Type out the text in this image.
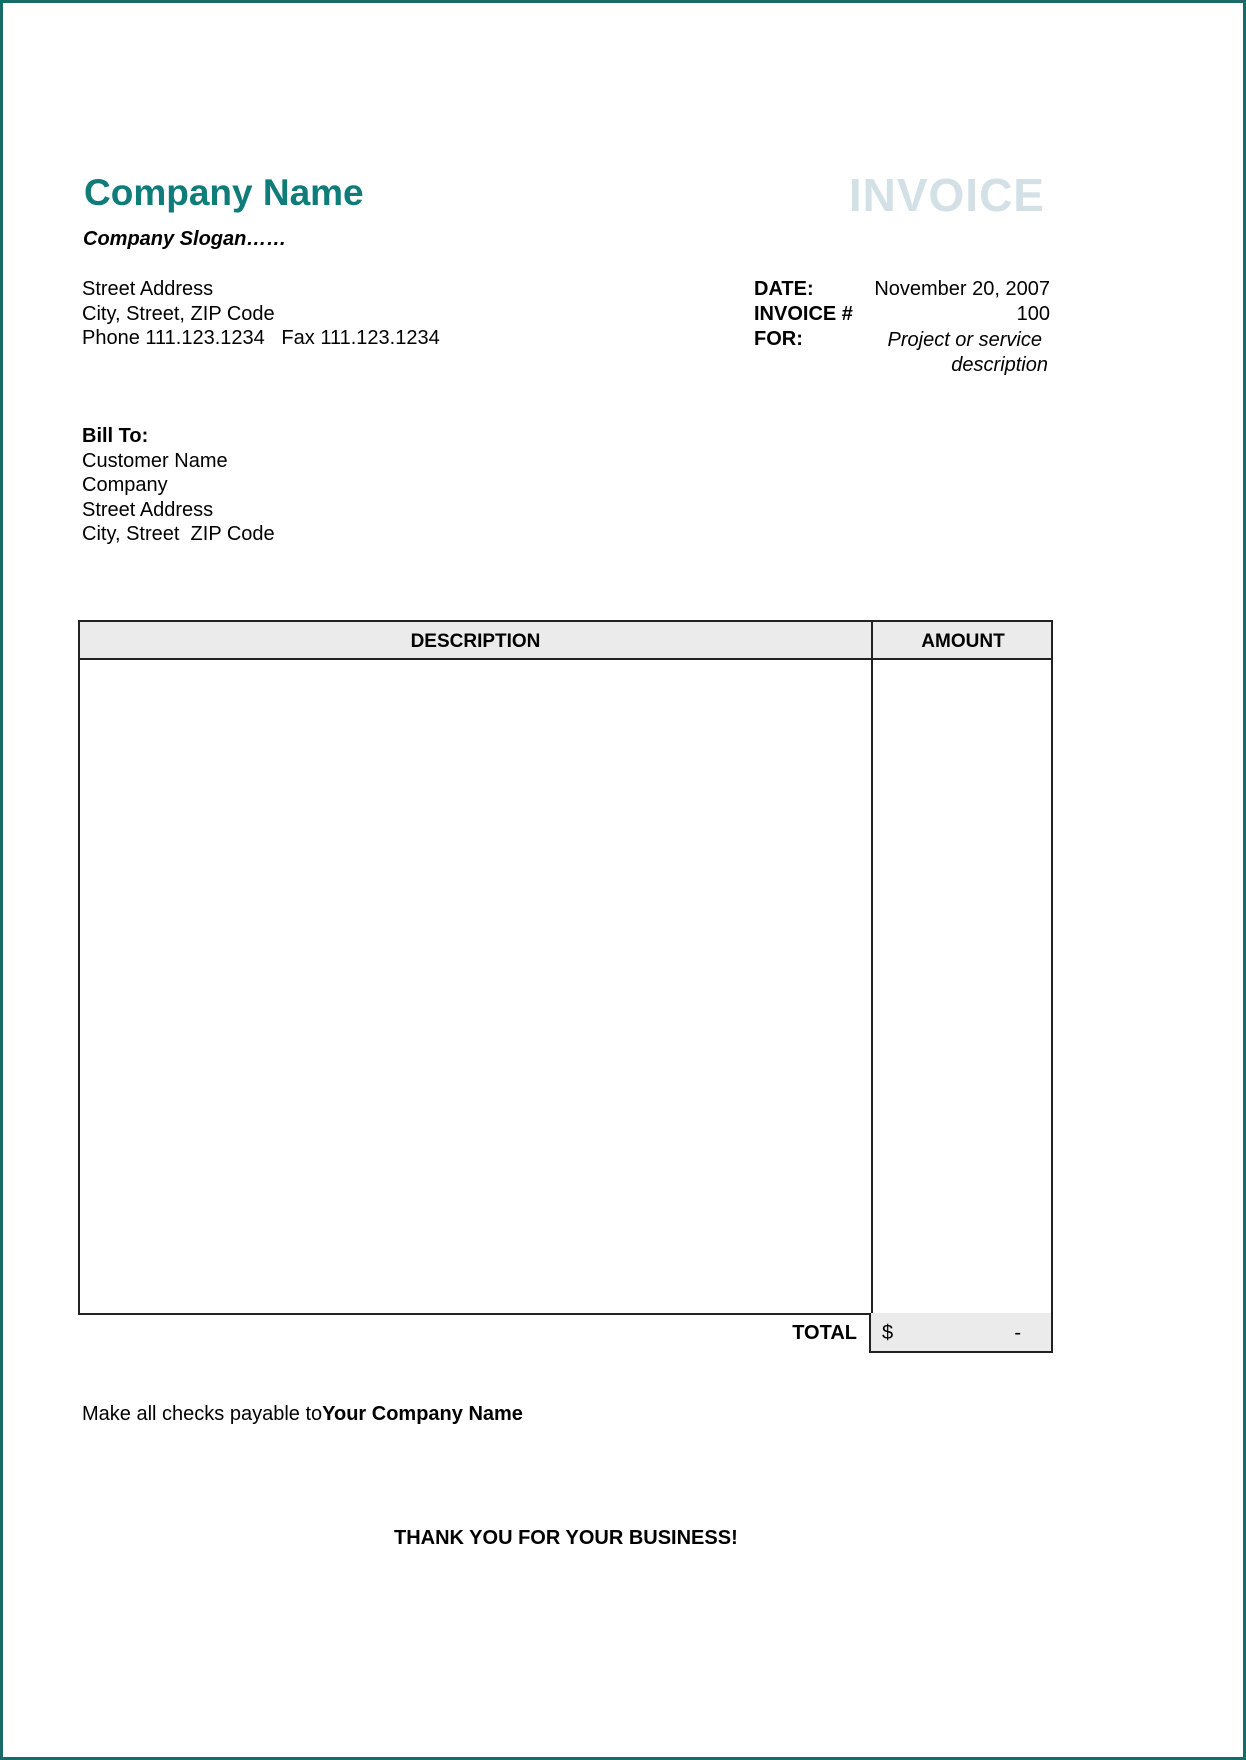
Company Name	INVOICE
Company Slogan……
Street Address
City, Street, ZIP Code
Phone 111.123.1234   Fax 111.123.1234
DATE:	November 20, 2007
INVOICE #	100
FOR:	Project or service
description
Bill To:
Customer Name
Company
Street Address
City, Street  ZIP Code
DESCRIPTION	AMOUNT
TOTAL $	-
Make all checks payable toYour Company Name
THANK YOU FOR YOUR BUSINESS!
